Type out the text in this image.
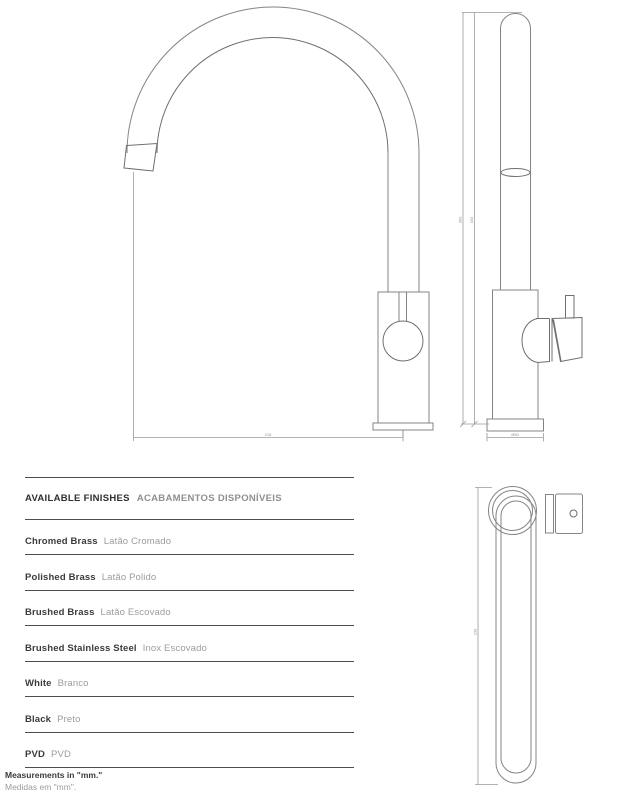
218
360 333
Ø50
239
AVAILABLE FINISHES ACABAMENTOS DISPONÍVEIS
Chromed Brass Latão Cromado
Polished Brass Latão Polido
Brushed Brass Latão Escovado
Brushed Stainless Steel Inox Escovado
White Branco
Black Preto
PVD PVD
Measurements in "mm."
Medidas em "mm".
